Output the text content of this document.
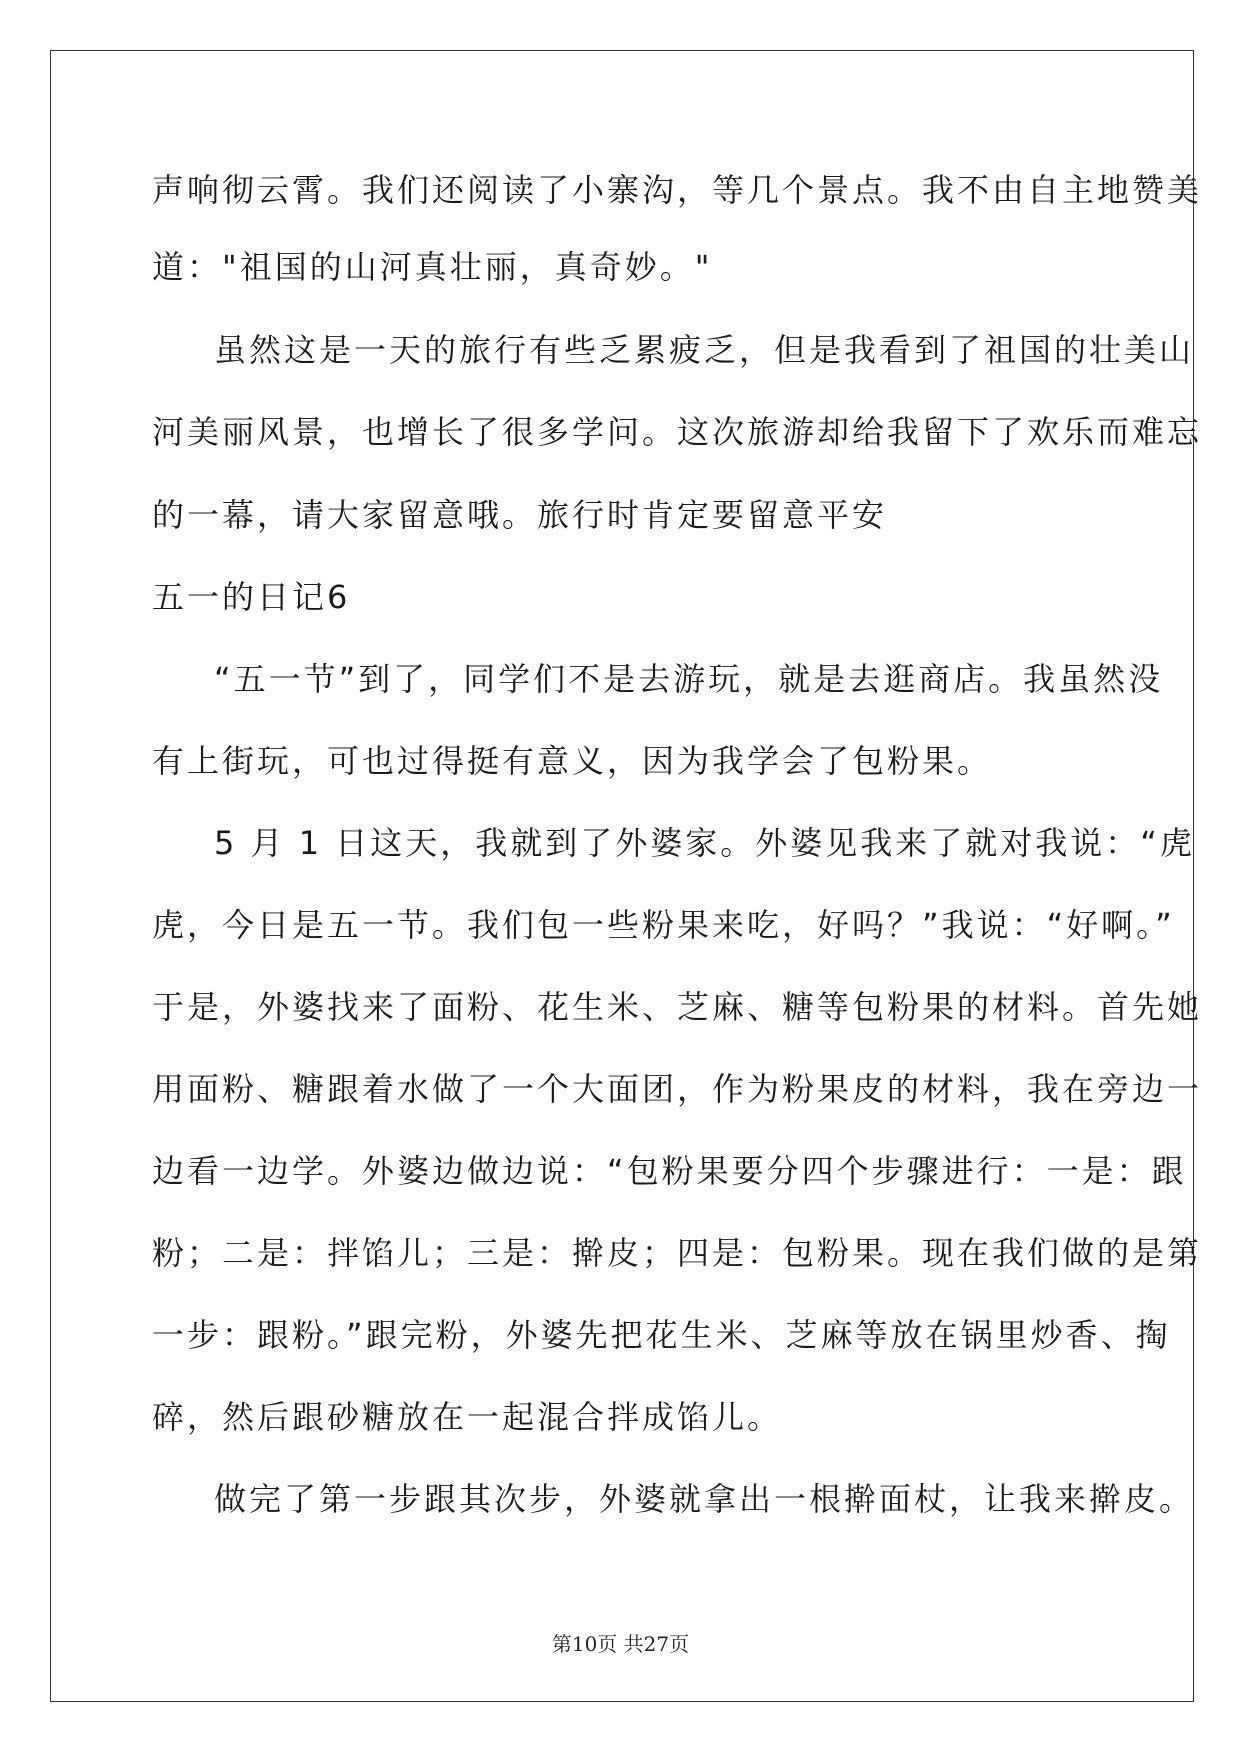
声响彻云霄。我们还阅读了小寨沟，等几个景点。我不由自主地赞美
道："祖国的山河真壮丽，真奇妙。"
虽然这是一天的旅行有些乏累疲乏，但是我看到了祖国的壮美山
河美丽风景，也增长了很多学问。这次旅游却给我留下了欢乐而难忘
的一幕，请大家留意哦。旅行时肯定要留意平安
五一的日记6
“五一节”到了，同学们不是去游玩，就是去逛商店。我虽然没
有上街玩，可也过得挺有意义，因为我学会了包粉果。
5 月 1 日这天，我就到了外婆家。外婆见我来了就对我说：“虎
虎，今日是五一节。我们包一些粉果来吃，好吗？”我说：“好啊。”
于是，外婆找来了面粉、花生米、芝麻、糖等包粉果的材料。首先她
用面粉、糖跟着水做了一个大面团，作为粉果皮的材料，我在旁边一
边看一边学。外婆边做边说：“包粉果要分四个步骤进行：一是：跟
粉；二是：拌馅儿；三是：擀皮；四是：包粉果。现在我们做的是第
一步：跟粉。”跟完粉，外婆先把花生米、芝麻等放在锅里炒香、掏
碎，然后跟砂糖放在一起混合拌成馅儿。
做完了第一步跟其次步，外婆就拿出一根擀面杖，让我来擀皮。
第10页 共27页
